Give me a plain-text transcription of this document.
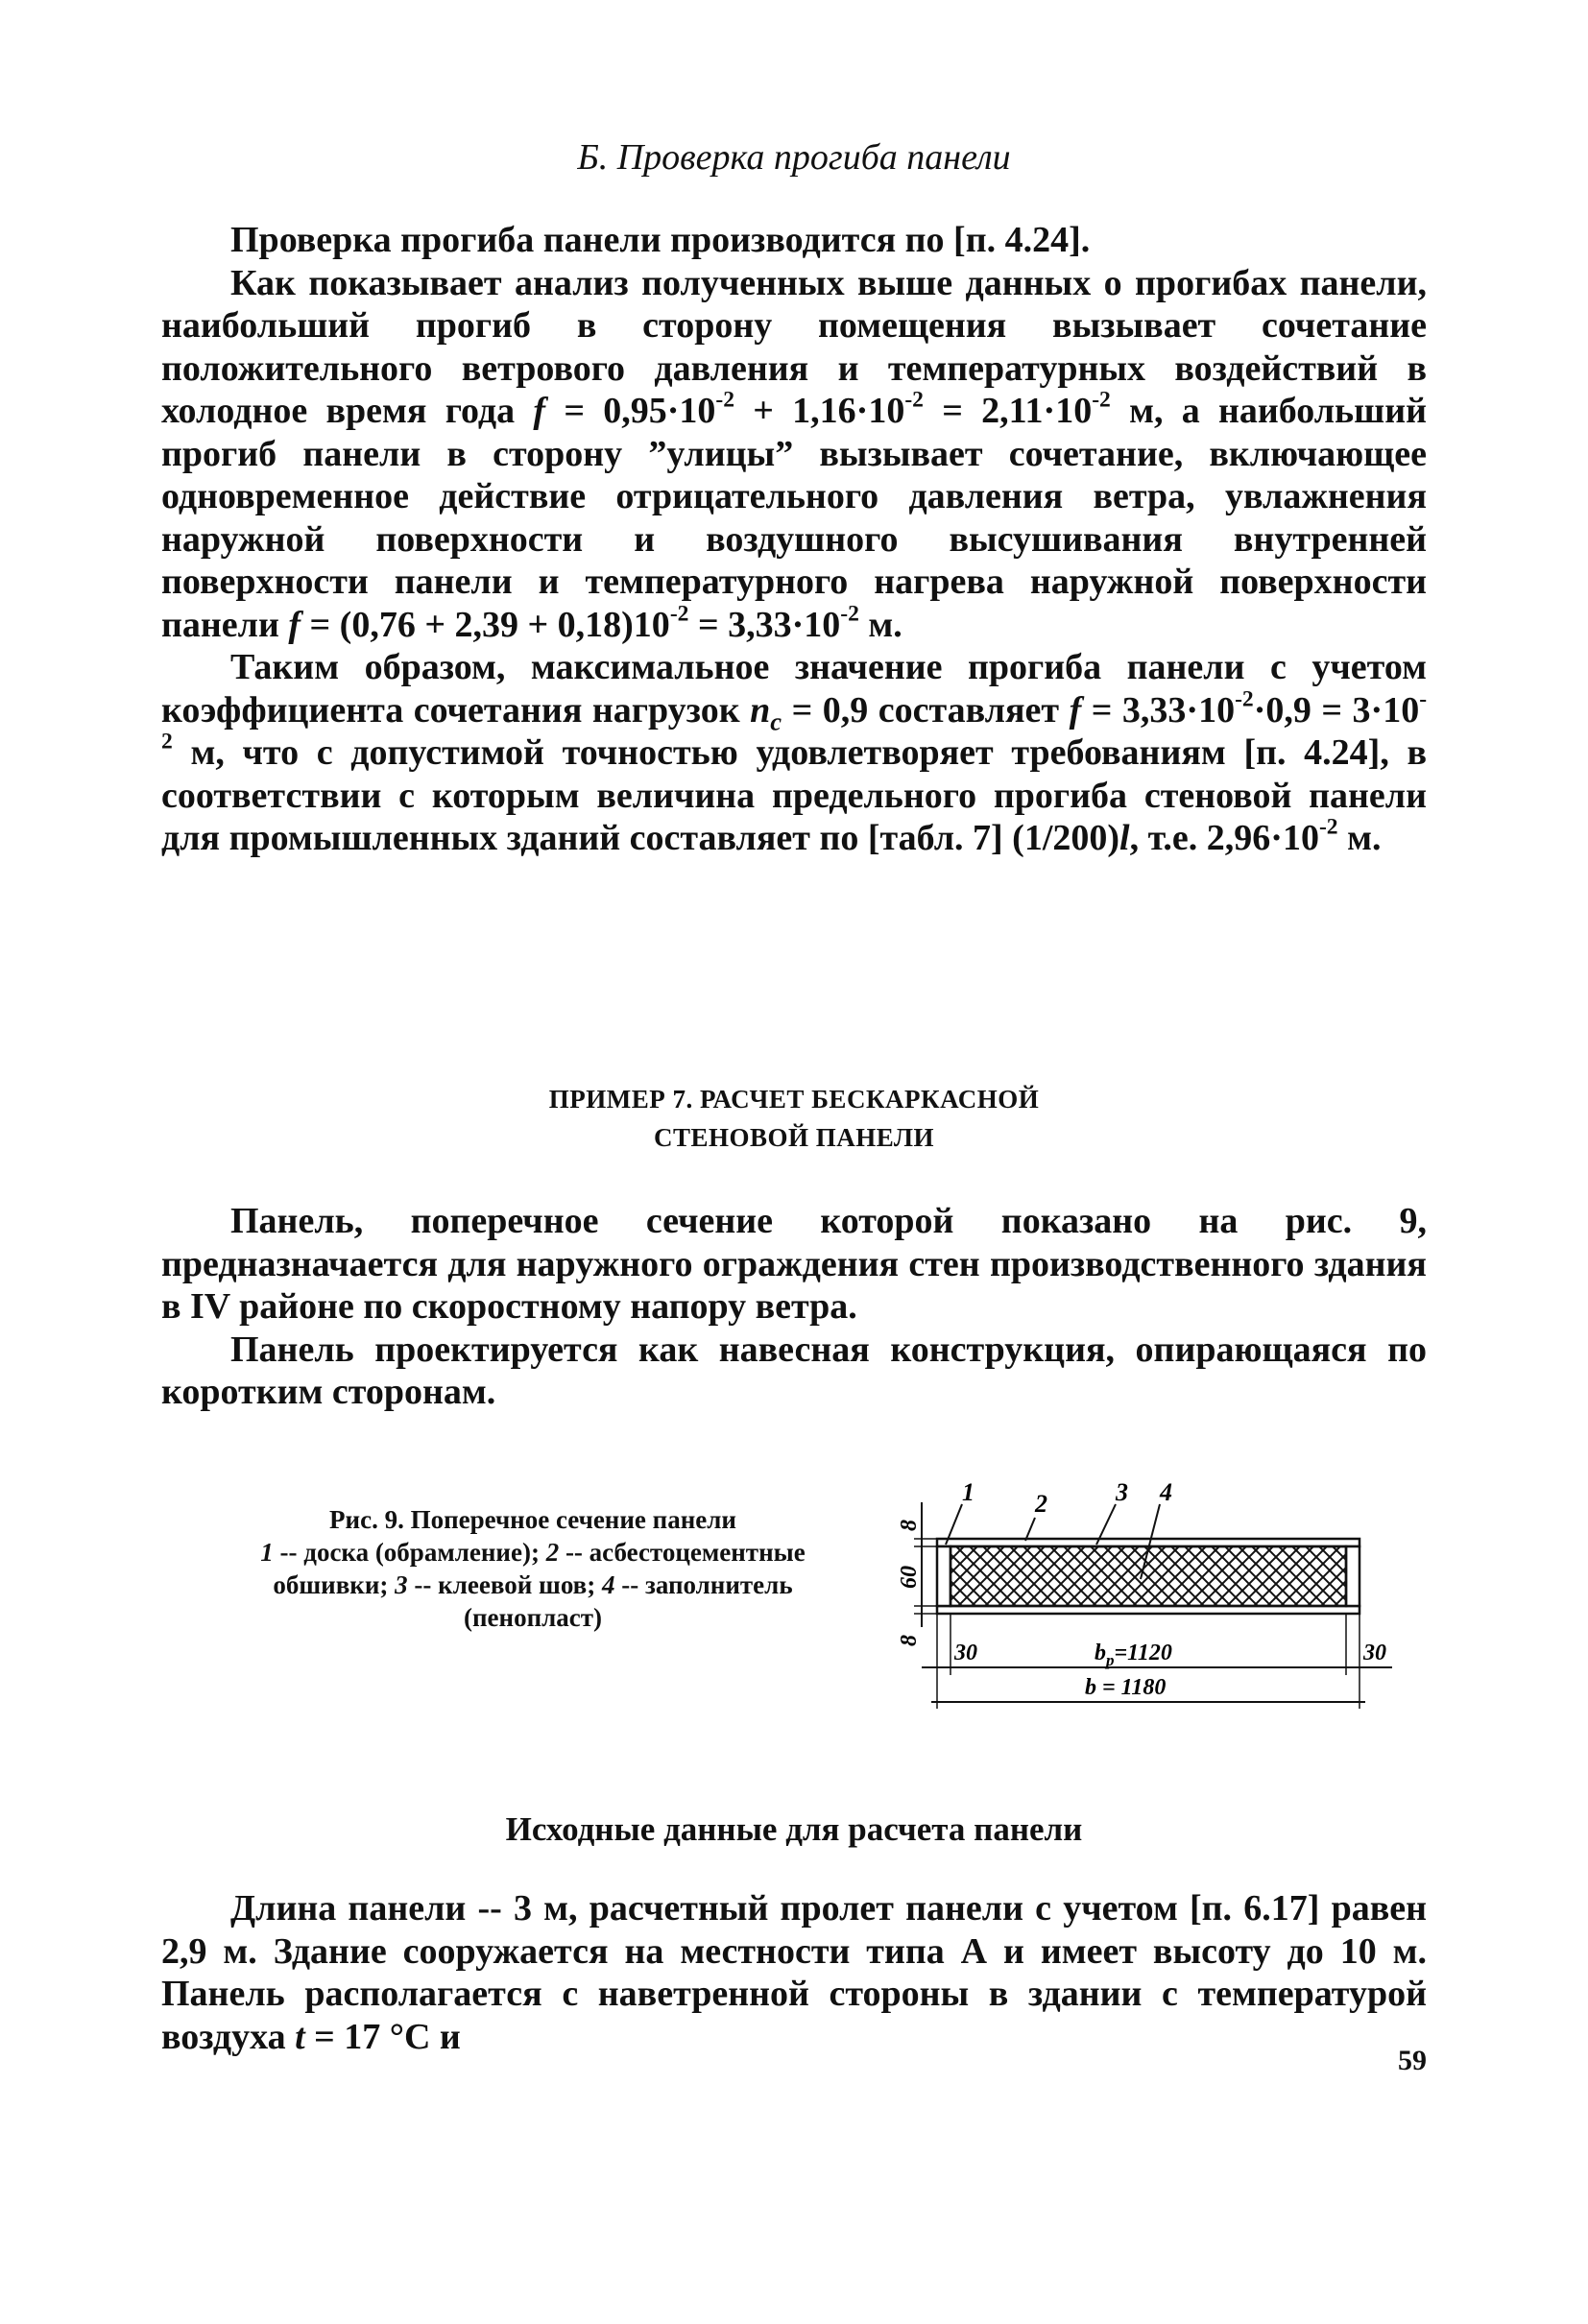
Б. Проверка прогиба панели

Проверка прогиба панели производится по [п. 4.24].

Как показывает анализ полученных выше данных о прогибах панели, наибольший прогиб в сторону помещения вызывает сочетание положительного ветрового давления и температурных воздействий в холодное время года $f = 0,95\cdot 10^{-2} + 1,16\cdot 10^{-2} = 2,11\cdot 10^{-2}$ м, а наибольший прогиб панели в сторону ”улицы” вызывает сочетание, включающее одновременное действие отрицательного давления ветра, увлажнения наружной поверхности и воздушного высушивания внутренней поверхности панели и температурного нагрева наружной поверхности панели $f = (0,76 + 2,39 + 0,18)10^{-2} = 3,33\cdot 10^{-2}$ м.

Таким образом, максимальное значение прогиба панели с учетом коэффициента сочетания нагрузок $n_c = 0,9$ составляет $f = 3,33\cdot 10^{-2}\cdot 0,9 = 3\cdot 10^{-2}$ м, что с допустимой точностью удовлетворяет требованиям [п. 4.24], в соответствии с которым величина предельного прогиба стеновой панели для промышленных зданий составляет по [табл. 7] (1/200)l, т.е. $2,96\cdot 10^{-2}$ м.

ПРИМЕР 7. РАСЧЕТ БЕСКАРКАСНОЙ
СТЕНОВОЙ ПАНЕЛИ

Панель, поперечное сечение которой показано на рис. 9, предназначается для наружного ограждения стен производственного здания в IV районе по скоростному напору ветра.

Панель проектируется как навесная конструкция, опирающаяся по коротким сторонам.

Рис. 9. Поперечное сечение панели
1 -- доска (обрамление); 2 -- асбестоцементные обшивки; 3 -- клеевой шов; 4 -- заполнитель (пенопласт)
1 2	3 4
8
60
8 30	$b_p=1120$	30
b = 1180
Исходные данные для расчета панели

Длина панели -- 3 м, расчетный пролет панели с учетом [п. 6.17] равен 2,9 м. Здание сооружается на местности типа А и имеет высоту до 10 м. Панель располагается с наветренной стороны в здании с температурой воздуха t = 17 °С и

59
